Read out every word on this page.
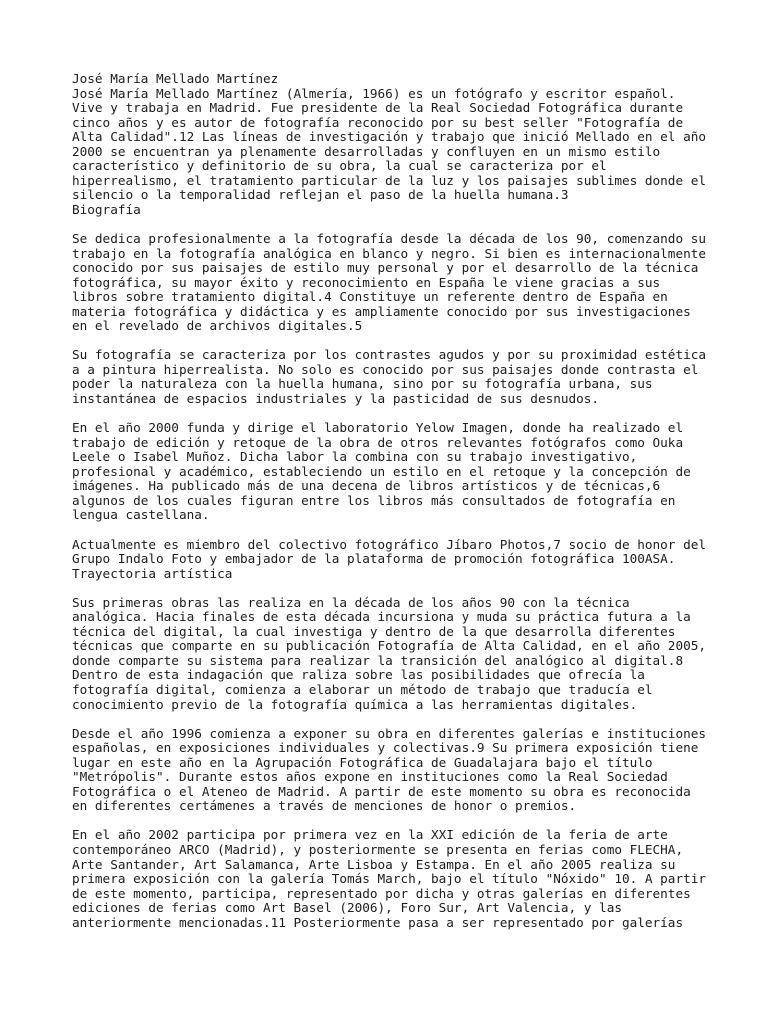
José María Mellado Martínez
José María Mellado Martínez (Almería, 1966) es un fotógrafo y escritor español.
Vive y trabaja en Madrid. Fue presidente de la Real Sociedad Fotográfica durante
cinco años y es autor de fotografía reconocido por su best seller "Fotografía de
Alta Calidad".12 Las líneas de investigación y trabajo que inició Mellado en el año
2000 se encuentran ya plenamente desarrolladas y confluyen en un mismo estilo
característico y definitorio de su obra, la cual se caracteriza por el
hiperrealismo, el tratamiento particular de la luz y los paisajes sublimes donde el
silencio o la temporalidad reflejan el paso de la huella humana.3
Biografía
Se dedica profesionalmente a la fotografía desde la década de los 90, comenzando su
trabajo en la fotografía analógica en blanco y negro. Si bien es internacionalmente
conocido por sus paisajes de estilo muy personal y por el desarrollo de la técnica
fotográfica, su mayor éxito y reconocimiento en España le viene gracias a sus
libros sobre tratamiento digital.4 Constituye un referente dentro de España en
materia fotográfica y didáctica y es ampliamente conocido por sus investigaciones
en el revelado de archivos digitales.5
Su fotografía se caracteriza por los contrastes agudos y por su proximidad estética
a a pintura hiperrealista. No solo es conocido por sus paisajes donde contrasta el
poder la naturaleza con la huella humana, sino por su fotografía urbana, sus
instantánea de espacios industriales y la pasticidad de sus desnudos.
En el año 2000 funda y dirige el laboratorio Yelow Imagen, donde ha realizado el
trabajo de edición y retoque de la obra de otros relevantes fotógrafos como Ouka
Leele o Isabel Muñoz. Dicha labor la combina con su trabajo investigativo,
profesional y académico, estableciendo un estilo en el retoque y la concepción de
imágenes. Ha publicado más de una decena de libros artísticos y de técnicas,6
algunos de los cuales figuran entre los libros más consultados de fotografía en
lengua castellana.
Actualmente es miembro del colectivo fotográfico Jíbaro Photos,7 socio de honor del
Grupo Indalo Foto y embajador de la plataforma de promoción fotográfica 100ASA.
Trayectoria artística
Sus primeras obras las realiza en la década de los años 90 con la técnica
analógica. Hacia finales de esta década incursiona y muda su práctica futura a la
técnica del digital, la cual investiga y dentro de la que desarrolla diferentes
técnicas que comparte en su publicación Fotografía de Alta Calidad, en el año 2005,
donde comparte su sistema para realizar la transición del analógico al digital.8
Dentro de esta indagación que raliza sobre las posibilidades que ofrecía la
fotografía digital, comienza a elaborar un método de trabajo que traducía el
conocimiento previo de la fotografía química a las herramientas digitales.
Desde el año 1996 comienza a exponer su obra en diferentes galerías e instituciones
españolas, en exposiciones individuales y colectivas.9 Su primera exposición tiene
lugar en este año en la Agrupación Fotográfica de Guadalajara bajo el título
"Metrópolis". Durante estos años expone en instituciones como la Real Sociedad
Fotográfica o el Ateneo de Madrid. A partir de este momento su obra es reconocida
en diferentes certámenes a través de menciones de honor o premios.
En el año 2002 participa por primera vez en la XXI edición de la feria de arte
contemporáneo ARCO (Madrid), y posteriormente se presenta en ferias como FLECHA,
Arte Santander, Art Salamanca, Arte Lisboa y Estampa. En el año 2005 realiza su
primera exposición con la galería Tomás March, bajo el título "Nóxido" 10. A partir
de este momento, participa, representado por dicha y otras galerías en diferentes
ediciones de ferias como Art Basel (2006), Foro Sur, Art Valencia, y las
anteriormente mencionadas.11 Posteriormente pasa a ser representado por galerías
